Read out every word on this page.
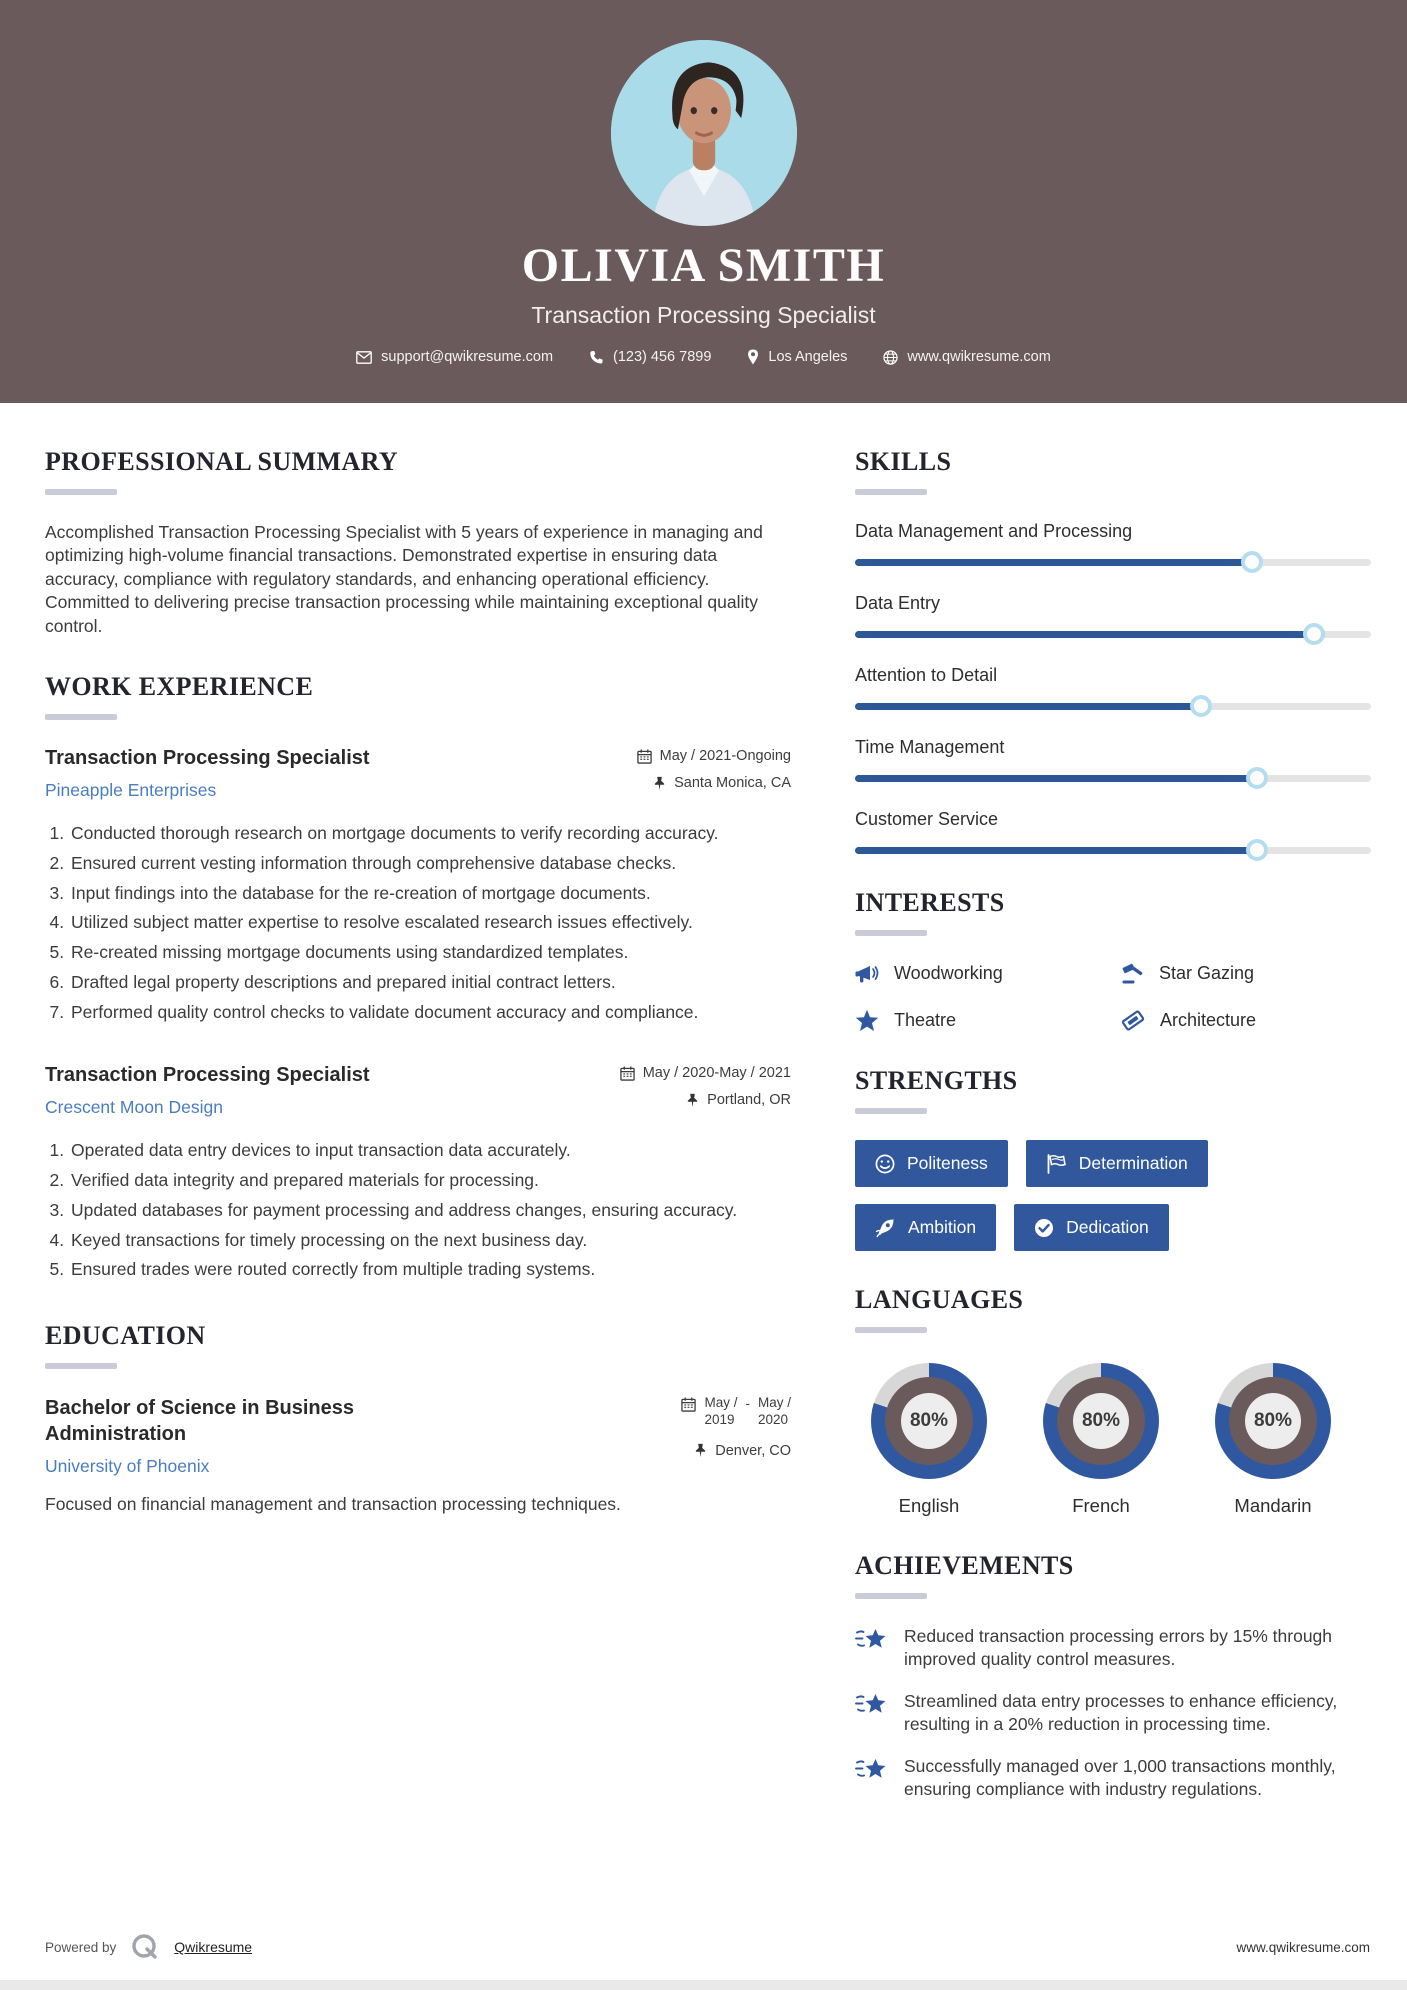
OLIVIA SMITH
Transaction Processing Specialist
support@qwikresume.com	(123) 456 7899	Los Angeles	www.qwikresume.com
PROFESSIONAL SUMMARY

Accomplished Transaction Processing Specialist with 5 years of experience in managing and optimizing high-volume financial transactions. Demonstrated expertise in ensuring data accuracy, compliance with regulatory standards, and enhancing operational efficiency. Committed to delivering precise transaction processing while maintaining exceptional quality control.

WORK EXPERIENCE
Transaction Processing Specialist
Pineapple Enterprises
May / 2021-Ongoing
Santa Monica, CA
1. Conducted thorough research on mortgage documents to verify recording accuracy.
2. Ensured current vesting information through comprehensive database checks.
3. Input findings into the database for the re-creation of mortgage documents.
4. Utilized subject matter expertise to resolve escalated research issues effectively.
5. Re-created missing mortgage documents using standardized templates.
6. Drafted legal property descriptions and prepared initial contract letters.
7. Performed quality control checks to validate document accuracy and compliance.
Transaction Processing Specialist
Crescent Moon Design
May / 2020-May / 2021
Portland, OR
1. Operated data entry devices to input transaction data accurately.
2. Verified data integrity and prepared materials for processing.
3. Updated databases for payment processing and address changes, ensuring accuracy.
4. Keyed transactions for timely processing on the next business day.
5. Ensured trades were routed correctly from multiple trading systems.
EDUCATION
Bachelor of Science in Business Administration
University of Phoenix
May /
2019
- May /
2020
Denver, CO
Focused on financial management and transaction processing techniques.
SKILLS
Data Management and Processing
Data Entry
Attention to Detail
Time Management
Customer Service
INTERESTS
Woodworking	Star Gazing
Theatre	Architecture
STRENGTHS
Politeness	Determination
Ambition	Dedication
LANGUAGES
80%
English
80%
French
80%
Mandarin
ACHIEVEMENTS
Reduced transaction processing errors by 15% through improved quality control measures.
Streamlined data entry processes to enhance efficiency, resulting in a 20% reduction in processing time.
Successfully managed over 1,000 transactions monthly, ensuring compliance with industry regulations.
Powered by	Qwikresume	www.qwikresume.com
